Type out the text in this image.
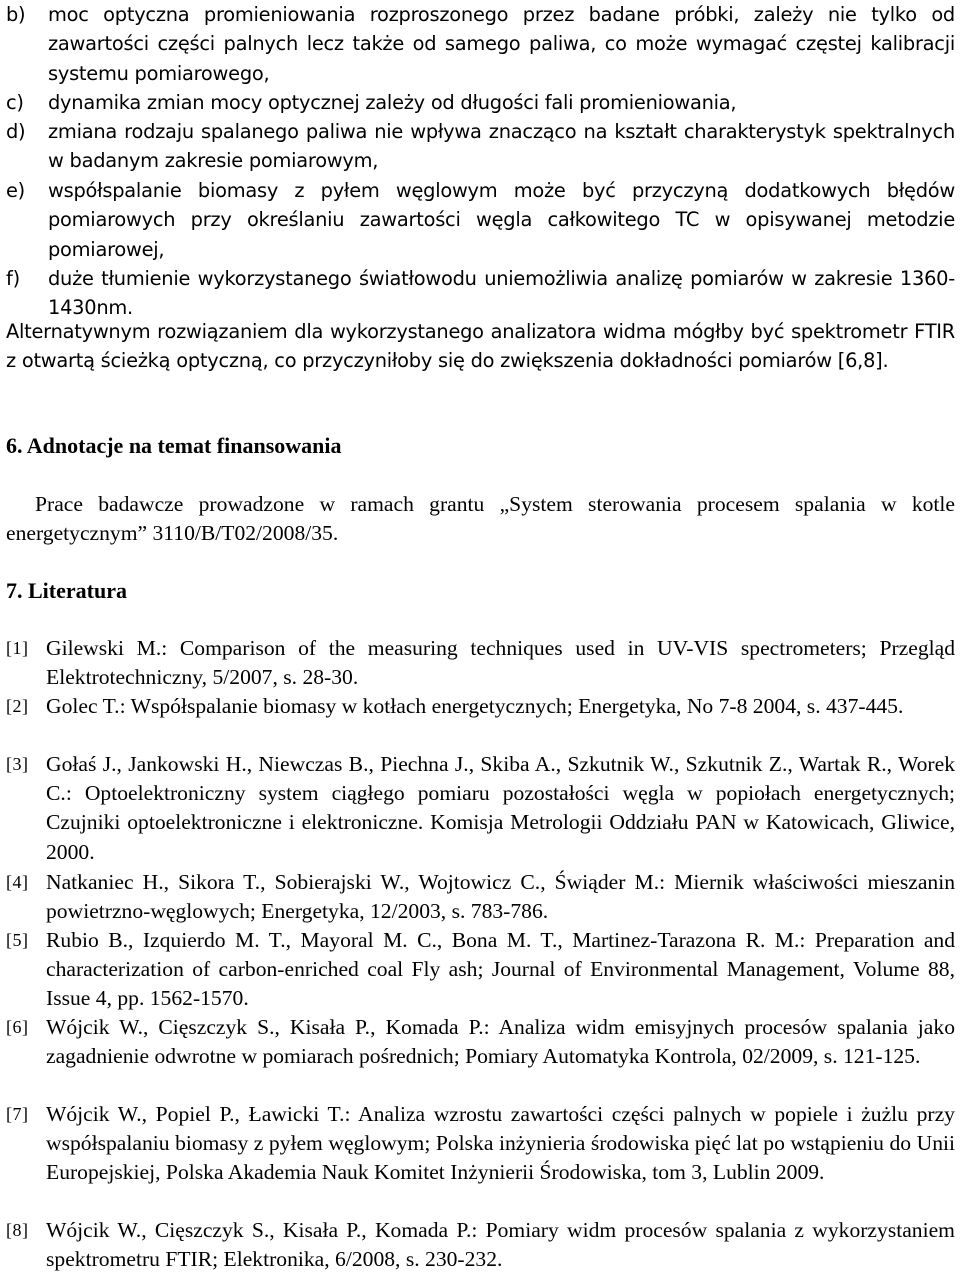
b) moc optyczna promieniowania rozproszonego przez badane próbki, zależy nie tylko od zawartości części palnych lecz także od samego paliwa, co może wymagać częstej kalibracji systemu pomiarowego,
c) dynamika zmian mocy optycznej zależy od długości fali promieniowania,
d) zmiana rodzaju spalanego paliwa nie wpływa znacząco na kształt charakterystyk spektralnych w badanym zakresie pomiarowym,
e) współspalanie biomasy z pyłem węglowym może być przyczyną dodatkowych błędów pomiarowych przy określaniu zawartości węgla całkowitego TC w opisywanej metodzie pomiarowej,
f) duże tłumienie wykorzystanego światłowodu uniemożliwia analizę pomiarów w zakresie 1360-1430nm.
Alternatywnym rozwiązaniem dla wykorzystanego analizatora widma mógłby być spektrometr FTIR z otwartą ścieżką optyczną, co przyczyniłoby się do zwiększenia dokładności pomiarów [6,8].
6. Adnotacje na temat finansowania
Prace badawcze prowadzone w ramach grantu „System sterowania procesem spalania w kotle energetycznym” 3110/B/T02/2008/35.
7. Literatura
[1] Gilewski M.: Comparison of the measuring techniques used in UV-VIS spectrometers; Przegląd Elektrotechniczny, 5/2007, s. 28-30.
[2] Golec T.: Współspalanie biomasy w kotłach energetycznych; Energetyka, No 7-8 2004, s. 437-445.
[3] Gołaś J., Jankowski H., Niewczas B., Piechna J., Skiba A., Szkutnik W., Szkutnik Z., Wartak R., Worek C.: Optoelektroniczny system ciągłego pomiaru pozostałości węgla w popiołach energetycznych; Czujniki optoelektroniczne i elektroniczne. Komisja Metrologii Oddziału PAN w Katowicach, Gliwice, 2000.
[4] Natkaniec H., Sikora T., Sobierajski W., Wojtowicz C., Świąder M.: Miernik właściwości mieszanin powietrzno-węglowych; Energetyka, 12/2003, s. 783-786.
[5] Rubio B., Izquierdo M. T., Mayoral M. C., Bona M. T., Martinez-Tarazona R. M.: Preparation and characterization of carbon-enriched coal Fly ash; Journal of Environmental Management, Volume 88, Issue 4, pp. 1562-1570.
[6] Wójcik W., Cięszczyk S., Kisała P., Komada P.: Analiza widm emisyjnych procesów spalania jako zagadnienie odwrotne w pomiarach pośrednich; Pomiary Automatyka Kontrola, 02/2009, s. 121-125.
[7] Wójcik W., Popiel P., Ławicki T.: Analiza wzrostu zawartości części palnych w popiele i żużlu przy współspalaniu biomasy z pyłem węglowym; Polska inżynieria środowiska pięć lat po wstąpieniu do Unii Europejskiej, Polska Akademia Nauk Komitet Inżynierii Środowiska, tom 3, Lublin 2009.
[8] Wójcik W., Cięszczyk S., Kisała P., Komada P.: Pomiary widm procesów spalania z wykorzystaniem spektrometru FTIR; Elektronika, 6/2008, s. 230-232.
